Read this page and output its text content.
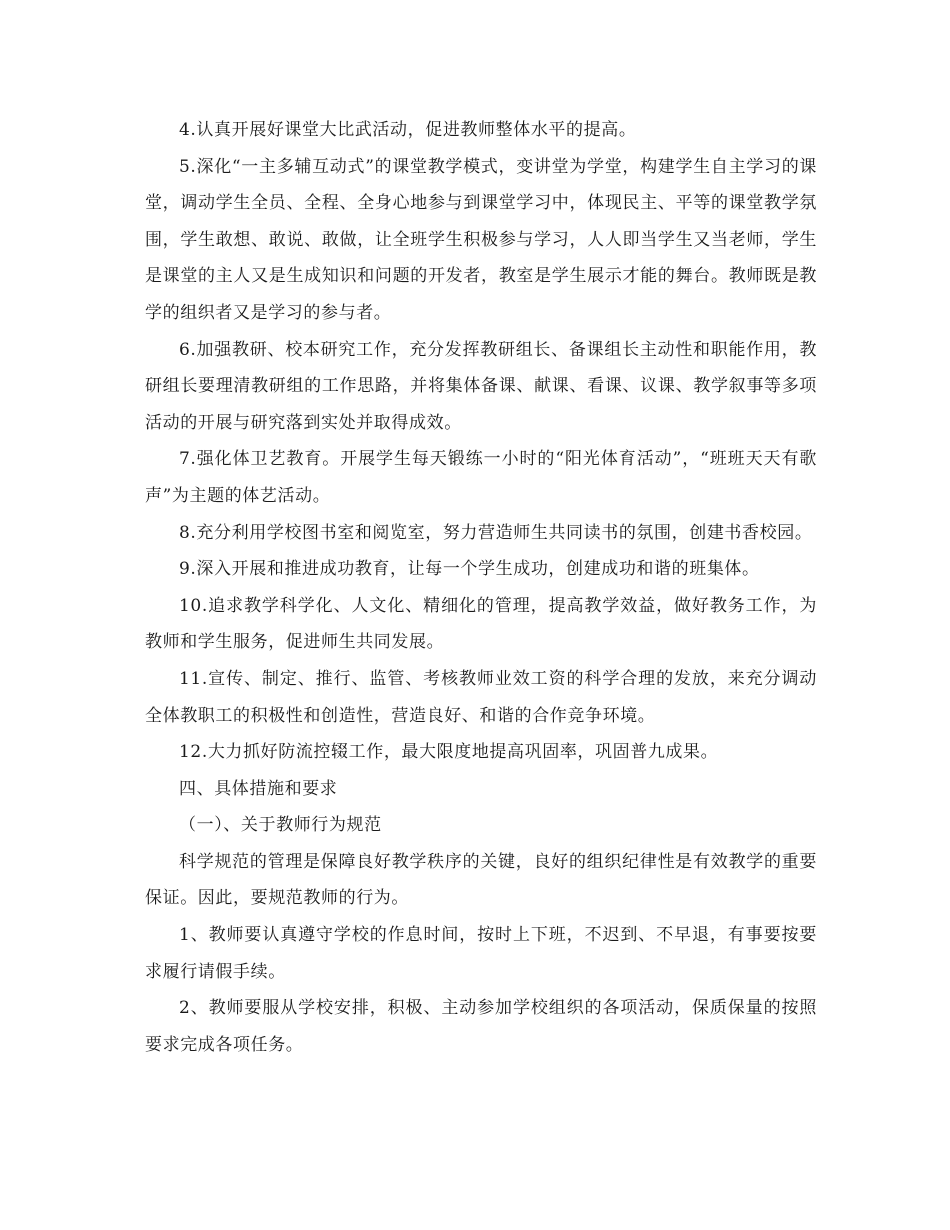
4.认真开展好课堂大比武活动，促进教师整体水平的提高。

5.深化“一主多辅互动式”的课堂教学模式，变讲堂为学堂，构建学生自主学习的课堂，调动学生全员、全程、全身心地参与到课堂学习中，体现民主、平等的课堂教学氛围，学生敢想、敢说、敢做，让全班学生积极参与学习，人人即当学生又当老师，学生是课堂的主人又是生成知识和问题的开发者，教室是学生展示才能的舞台。教师既是教学的组织者又是学习的参与者。

6.加强教研、校本研究工作，充分发挥教研组长、备课组长主动性和职能作用，教研组长要理清教研组的工作思路，并将集体备课、献课、看课、议课、教学叙事等多项活动的开展与研究落到实处并取得成效。

7.强化体卫艺教育。开展学生每天锻练一小时的“阳光体育活动”，“班班天天有歌声”为主题的体艺活动。

8.充分利用学校图书室和阅览室，努力营造师生共同读书的氛围，创建书香校园。

9.深入开展和推进成功教育，让每一个学生成功，创建成功和谐的班集体。

10.追求教学科学化、人文化、精细化的管理，提高教学效益，做好教务工作，为教师和学生服务，促进师生共同发展。

11.宣传、制定、推行、监管、考核教师业效工资的科学合理的发放，来充分调动全体教职工的积极性和创造性，营造良好、和谐的合作竞争环境。

12.大力抓好防流控辍工作，最大限度地提高巩固率，巩固普九成果。

四、具体措施和要求

（一）、关于教师行为规范

科学规范的管理是保障良好教学秩序的关键，良好的组织纪律性是有效教学的重要保证。因此，要规范教师的行为。

1、教师要认真遵守学校的作息时间，按时上下班，不迟到、不早退，有事要按要求履行请假手续。

2、教师要服从学校安排，积极、主动参加学校组织的各项活动，保质保量的按照要求完成各项任务。
